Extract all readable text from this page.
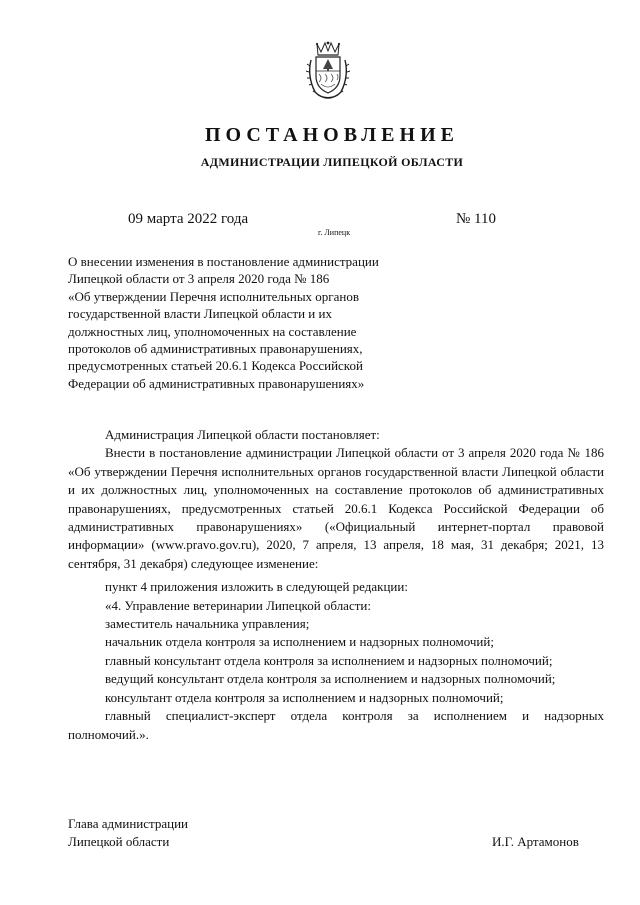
ПОСТАНОВЛЕНИЕ
АДМИНИСТРАЦИИ ЛИПЕЦКОЙ ОБЛАСТИ
09 марта 2022 года
г. Липецк
№ 110
О внесении изменения в постановление администрации
Липецкой области от 3 апреля 2020 года № 186
«Об утверждении Перечня исполнительных органов
государственной власти Липецкой области и их
должностных лиц, уполномоченных на составление
протоколов об административных правонарушениях,
предусмотренных статьей 20.6.1 Кодекса Российской
Федерации об административных правонарушениях»

Администрация Липецкой области постановляет:

Внести в постановление администрации Липецкой области от 3 апреля 2020 года № 186 «Об утверждении Перечня исполнительных органов государственной власти Липецкой области и их должностных лиц, уполномоченных на составление протоколов об административных правонарушениях, предусмотренных статьей 20.6.1 Кодекса Российской Федерации об административных правонарушениях» («Официальный интернет-портал правовой информации» (www.pravo.gov.ru), 2020, 7 апреля, 13 апреля, 18 мая, 31 декабря; 2021, 13 сентября, 31 декабря) следующее изменение:

пункт 4 приложения изложить в следующей редакции:

«4. Управление ветеринарии Липецкой области:

заместитель начальника управления;

начальник отдела контроля за исполнением и надзорных полномочий;

главный консультант отдела контроля за исполнением и надзорных полномочий;

ведущий консультант отдела контроля за исполнением и надзорных полномочий;

консультант отдела контроля за исполнением и надзорных полномочий;

главный специалист-эксперт отдела контроля за исполнением и надзорных полномочий.».

Глава администрации
Липецкой области	И.Г. Артамонов
